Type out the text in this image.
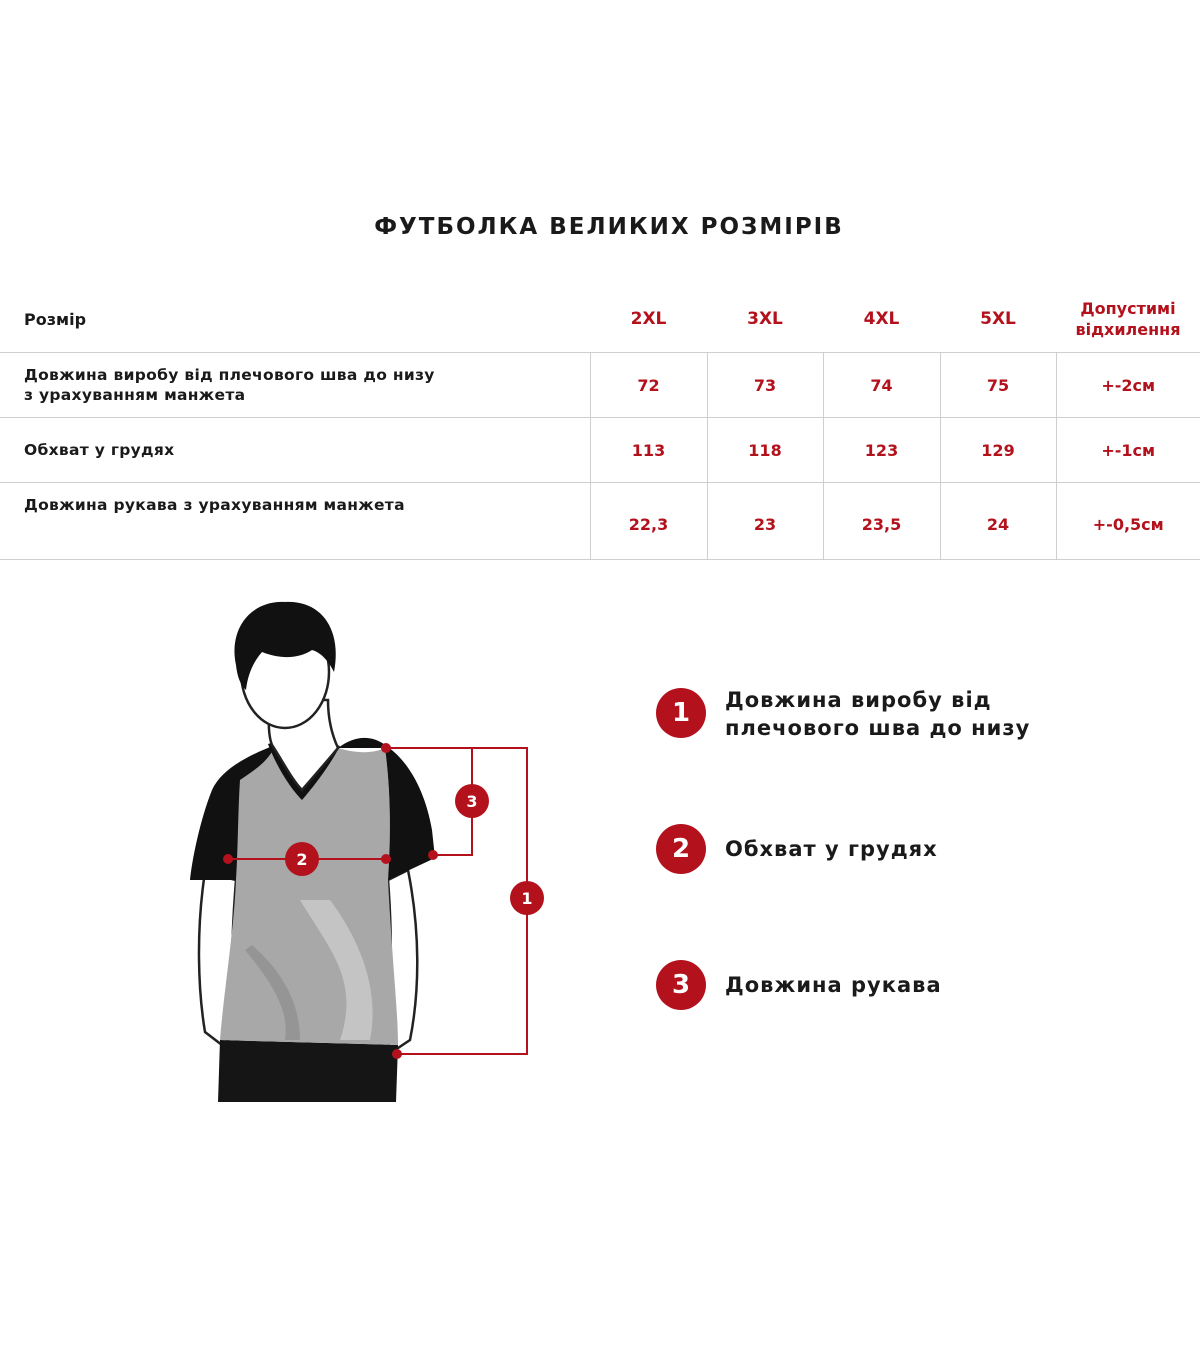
ФУТБОЛКА ВЕЛИКИХ РОЗМІРІВ
Розмір	2XL	3XL	4XL	5XL	Допустимі
відхилення
Довжина виробу від плечового шва до низу
з урахуванням манжета	72	73	74	75	+-2см
Обхват у грудях	113	118	123	129	+-1см
Довжина рукава з урахуванням манжета	22,3	23	23,5	24	+-0,5см
1
2
3
1	Довжина виробу від
плечового шва до низу
2	Обхват у грудях
3	Довжина рукава
